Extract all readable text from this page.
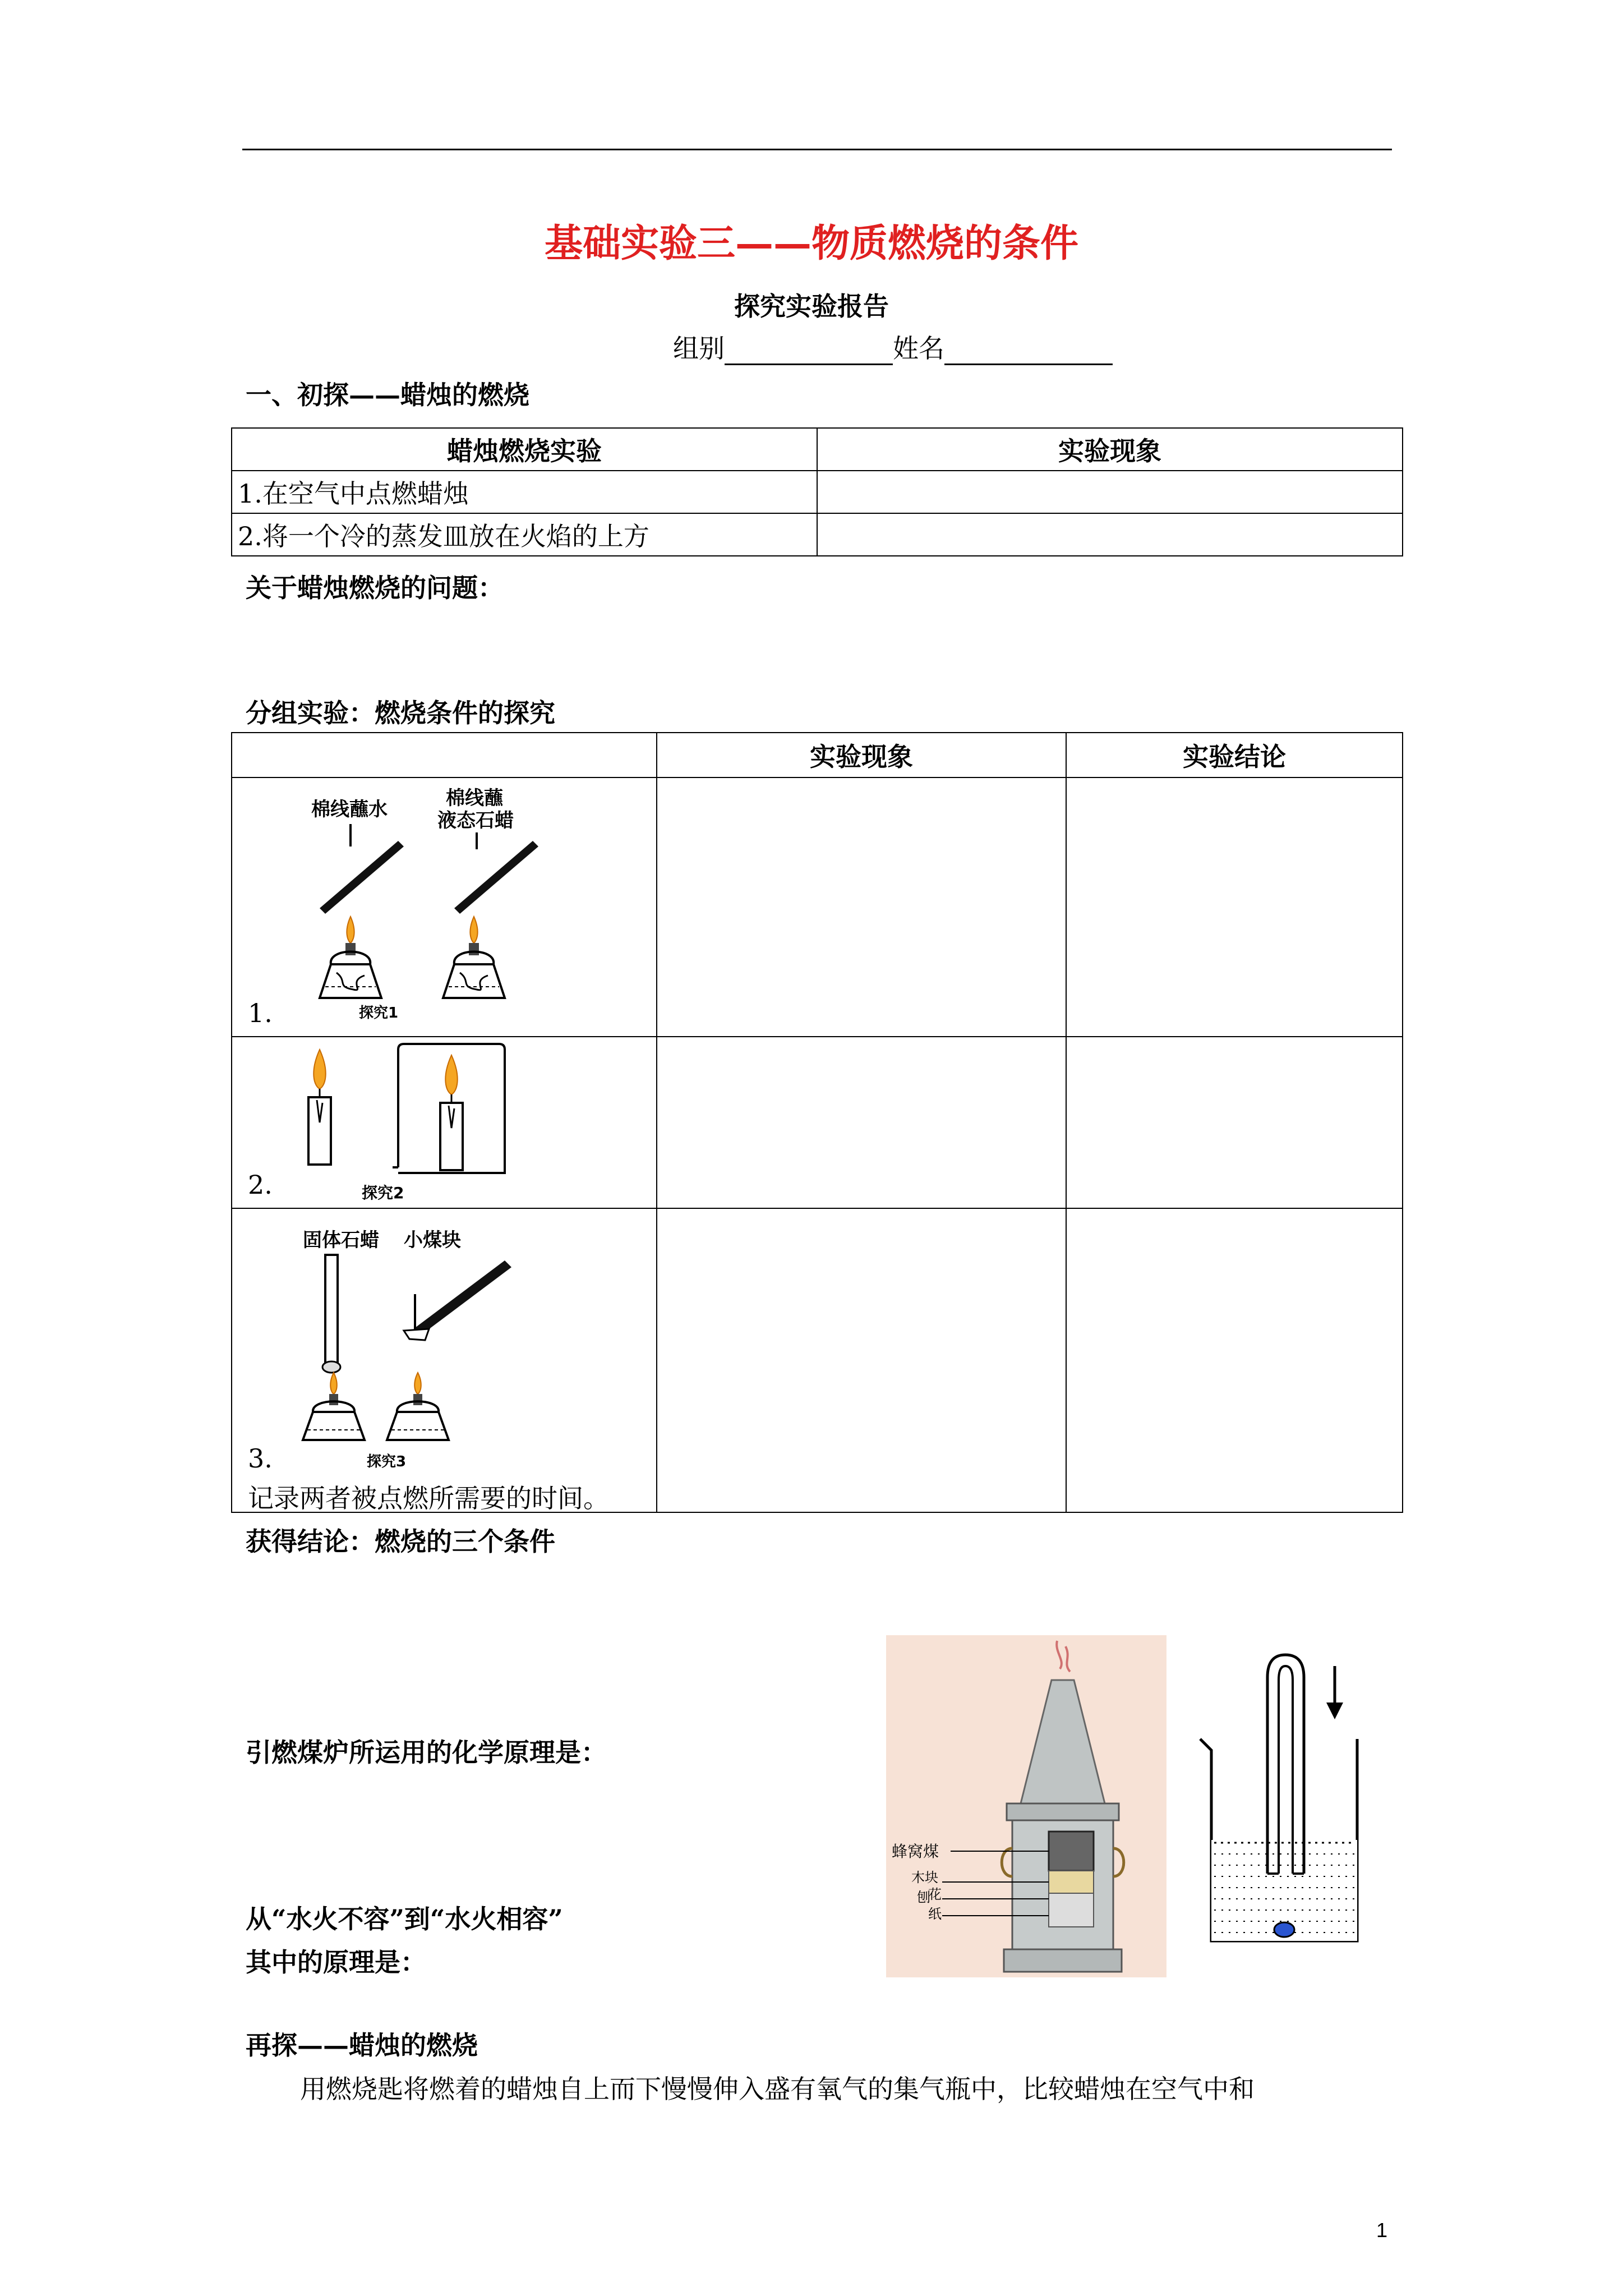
基础实验三——物质燃烧的条件
探究实验报告
组别	姓名
一、初探——蜡烛的燃烧
蜡烛燃烧实验	实验现象
1.在空气中点燃蜡烛	
2.将一个冷的蒸发皿放在火焰的上方	
关于蜡烛燃烧的问题：
分组实验：燃烧条件的探究
	实验现象	实验结论

棉线蘸水 棉线蘸
液态石蜡
探究1
1.		

探究2
2.		

固体石蜡 小煤块
探究3
3.
记录两者被点燃所需要的时间。		

获得结论：燃烧的三个条件
引燃煤炉所运用的化学原理是：
从“水火不容”到“水火相容”
其中的原理是：
蜂窝煤
木块
刨
花
纸
再探——蜡烛的燃烧
用燃烧匙将燃着的蜡烛自上而下慢慢伸入盛有氧气的集气瓶中，比较蜡烛在空气中和
1
